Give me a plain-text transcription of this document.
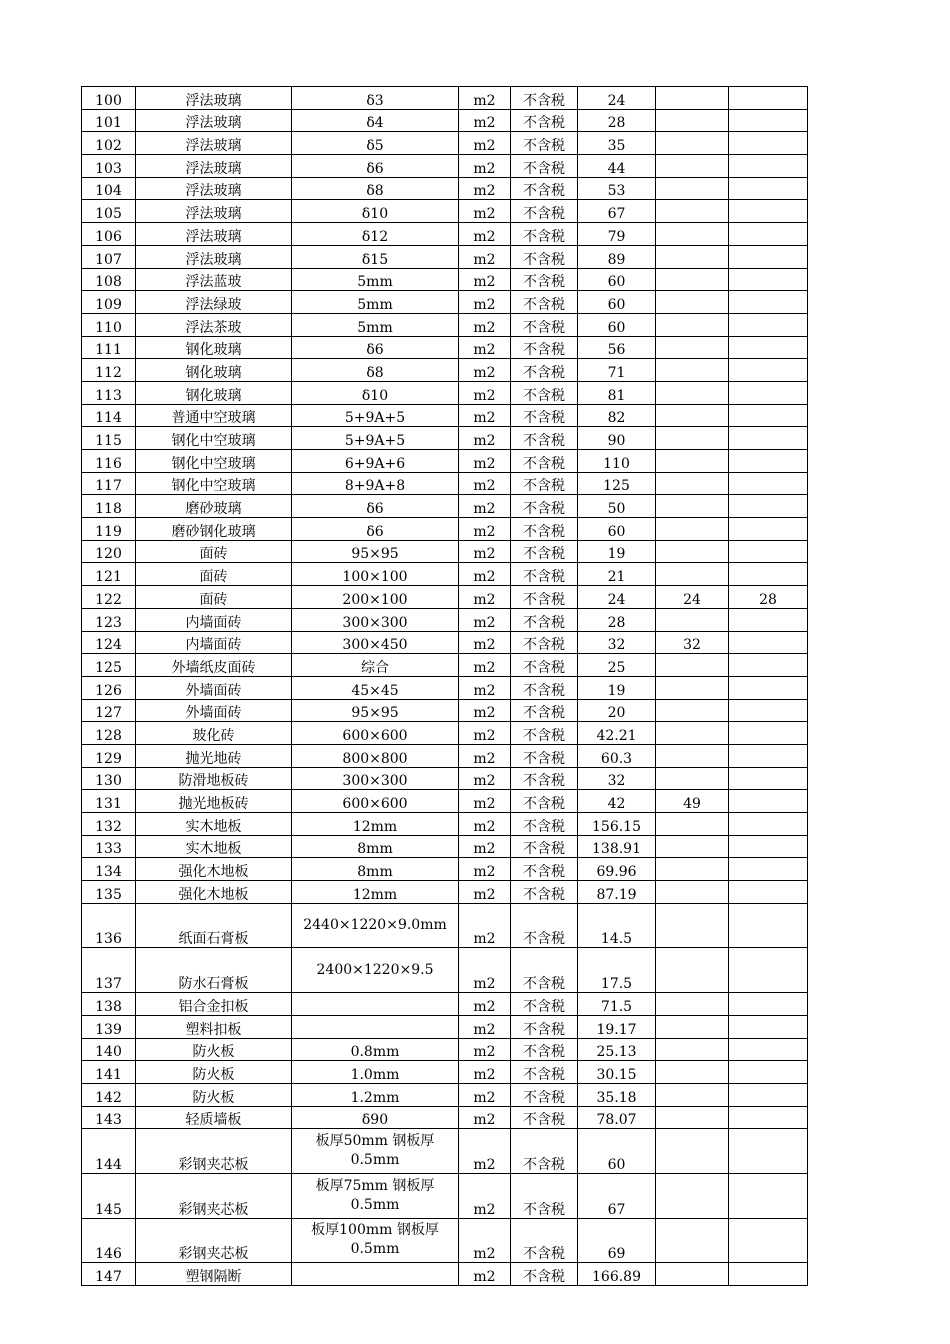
100	浮法玻璃	δ3	m2	不含税	24		
101	浮法玻璃	δ4	m2	不含税	28		
102	浮法玻璃	δ5	m2	不含税	35		
103	浮法玻璃	δ6	m2	不含税	44		
104	浮法玻璃	δ8	m2	不含税	53		
105	浮法玻璃	δ10	m2	不含税	67		
106	浮法玻璃	δ12	m2	不含税	79		
107	浮法玻璃	δ15	m2	不含税	89		
108	浮法蓝玻	5mm	m2	不含税	60		
109	浮法绿玻	5mm	m2	不含税	60		
110	浮法茶玻	5mm	m2	不含税	60		
111	钢化玻璃	δ6	m2	不含税	56		
112	钢化玻璃	δ8	m2	不含税	71		
113	钢化玻璃	δ10	m2	不含税	81		
114	普通中空玻璃	5+9A+5	m2	不含税	82		
115	钢化中空玻璃	5+9A+5	m2	不含税	90		
116	钢化中空玻璃	6+9A+6	m2	不含税	110		
117	钢化中空玻璃	8+9A+8	m2	不含税	125		
118	磨砂玻璃	δ6	m2	不含税	50		
119	磨砂钢化玻璃	δ6	m2	不含税	60		
120	面砖	95×95	m2	不含税	19		
121	面砖	100×100	m2	不含税	21		
122	面砖	200×100	m2	不含税	24	24	28
123	内墙面砖	300×300	m2	不含税	28		
124	内墙面砖	300×450	m2	不含税	32	32	
125	外墙纸皮面砖	综合	m2	不含税	25		
126	外墙面砖	45×45	m2	不含税	19		
127	外墙面砖	95×95	m2	不含税	20		
128	玻化砖	600×600	m2	不含税	42.21		
129	抛光地砖	800×800	m2	不含税	60.3		
130	防滑地板砖	300×300	m2	不含税	32		
131	抛光地板砖	600×600	m2	不含税	42	49	
132	实木地板	12mm	m2	不含税	156.15		
133	实木地板	8mm	m2	不含税	138.91		
134	强化木地板	8mm	m2	不含税	69.96		
135	强化木地板	12mm	m2	不含税	87.19		
136	纸面石膏板	2440×1220×9.0mm	m2	不含税	14.5		
137	防水石膏板	2400×1220×9.5	m2	不含税	17.5		
138	铝合金扣板		m2	不含税	71.5		
139	塑料扣板		m2	不含税	19.17		
140	防火板	0.8mm	m2	不含税	25.13		
141	防火板	1.0mm	m2	不含税	30.15		
142	防火板	1.2mm	m2	不含税	35.18		
143	轻质墙板	δ90	m2	不含税	78.07		
144	彩钢夹芯板	板厚50mm 钢板厚0.5mm	m2	不含税	60		
145	彩钢夹芯板	板厚75mm 钢板厚0.5mm	m2	不含税	67		
146	彩钢夹芯板	板厚100mm 钢板厚0.5mm	m2	不含税	69		
147	塑钢隔断		m2	不含税	166.89		
